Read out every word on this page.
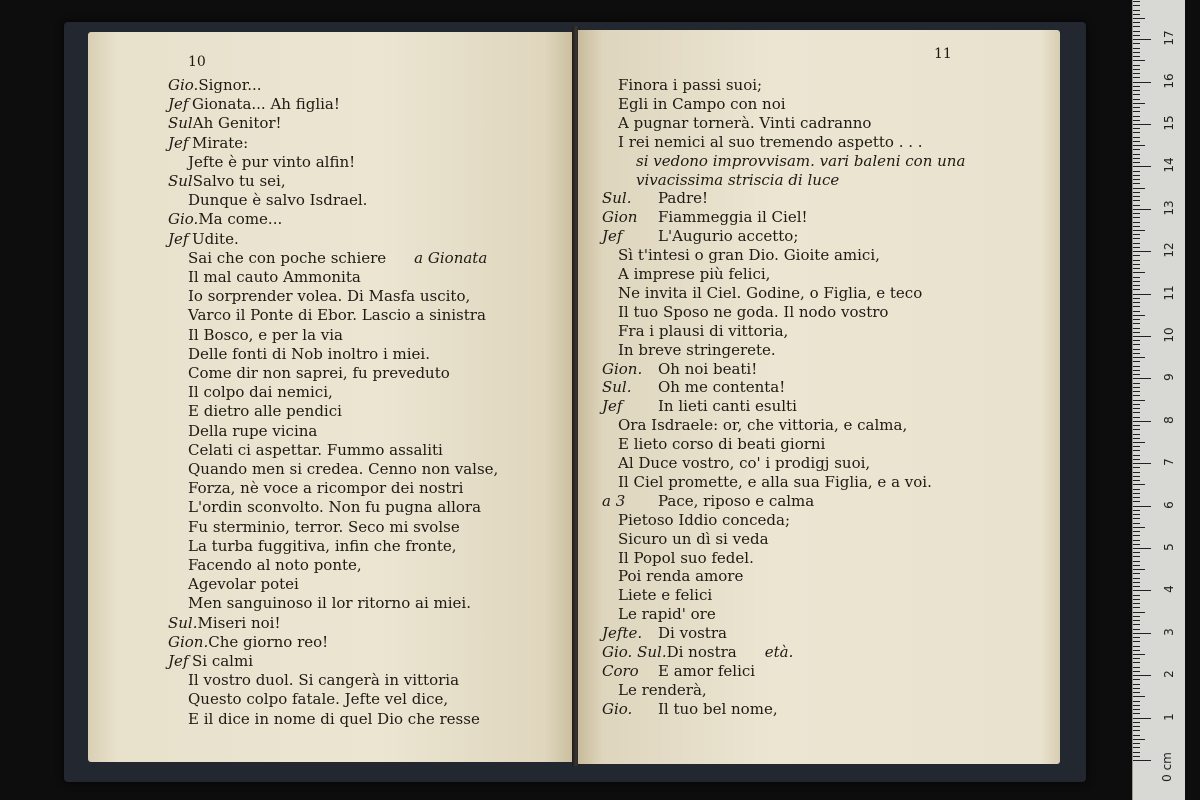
10
Gio.Signor...
Jef Gionata... Ah figlia!
SulAh Genitor!
Jef Mirate:
Jefte è pur vinto alfin!
SulSalvo tu sei,
Dunque è salvo Isdrael.
Gio.Ma come...
Jef Udite.
Sai che con poche schiere a Gionata
Il mal cauto Ammonita
Io sorprender volea. Di Masfa uscito,
Varco il Ponte di Ebor. Lascio a sinistra
Il Bosco, e per la via
Delle fonti di Nob inoltro i miei.
Come dir non saprei, fu preveduto
Il colpo dai nemici,
E dietro alle pendici
Della rupe vicina
Celati ci aspettar. Fummo assaliti
Quando men si credea. Cenno non valse,
Forza, nè voce a ricompor dei nostri
L'ordin sconvolto. Non fu pugna allora
Fu sterminio, terror. Seco mi svolse
La turba fuggitiva, infin che fronte,
Facendo al noto ponte,
Agevolar potei
Men sanguinoso il lor ritorno ai miei.
Sul.Miseri noi!
Gion.Che giorno reo!
Jef Si calmi
Il vostro duol. Si cangerà in vittoria
Questo colpo fatale. Jefte vel dice,
E il dice in nome di quel Dio che resse
11
Finora i passi suoi;
Egli in Campo con noi
A pugnar tornerà. Vinti cadranno
I rei nemici al suo tremendo aspetto . . .
si vedono improvvisam. vari baleni con una
vivacissima striscia di luce
Sul. Padre!
Gion Fiammeggia il Ciel!
Jef L'Augurio accetto;
Sì t'intesi o gran Dio. Gioite amici,
A imprese più felici,
Ne invita il Ciel. Godine, o Figlia, e teco
Il tuo Sposo ne goda. Il nodo vostro
Fra i plausi di vittoria,
In breve stringerete.
Gion. Oh noi beati!
Sul. Oh me contenta!
Jef In lieti canti esulti
Ora Isdraele: or, che vittoria, e calma,
E lieto corso di beati giorni
Al Duce vostro, co' i prodigj suoi,
Il Ciel promette, e alla sua Figlia, e a voi.
a 3 Pace, riposo e calma
Pietoso Iddio conceda;
Sicuro un dì si veda
Il Popol suo fedel.
Poi renda amore
Liete e felici
Le rapid' ore
Jefte. Di vostra
Gio. Sul.Di nostra età.
Coro E amor felici
Le renderà,
Gio. Il tuo bel nome,	1
2
3
4
5
6
7
8
9
10
11
12
13
14
15
16
17
0 cm
